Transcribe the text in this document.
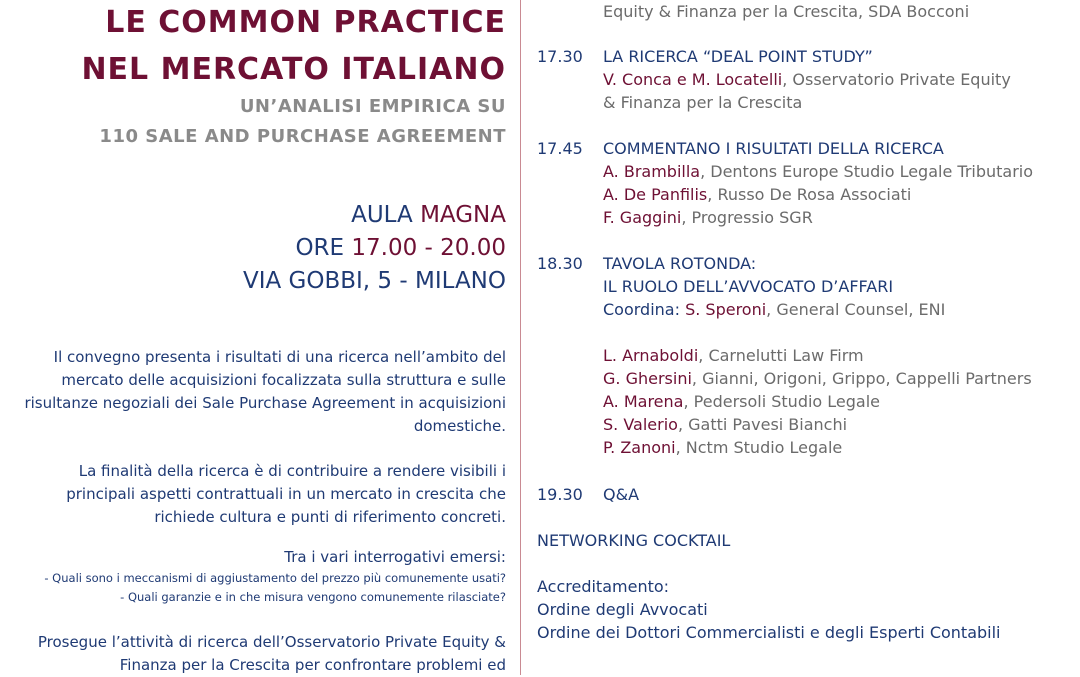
LE COMMON PRACTICE
NEL MERCATO ITALIANO
UN’ANALISI EMPIRICA SU
110 SALE AND PURCHASE AGREEMENT
AULA MAGNA
ORE 17.00 - 20.00
VIA GOBBI, 5 - MILANO

Il convegno presenta i risultati di una ricerca nell’ambito del

mercato delle acquisizioni focalizzata sulla struttura e sulle

risultanze negoziali dei Sale Purchase Agreement in acquisizioni

domestiche.

La finalità della ricerca è di contribuire a rendere visibili i

principali aspetti contrattuali in un mercato in crescita che

richiede cultura e punti di riferimento concreti.

Tra i vari interrogativi emersi:

- Quali sono i meccanismi di aggiustamento del prezzo più comunemente usati?

- Quali garanzie e in che misura vengono comunemente rilasciate?

Prosegue l’attività di ricerca dell’Osservatorio Private Equity &

Finanza per la Crescita per confrontare problemi ed

Equity & Finanza per la Crescita, SDA Bocconi
17.30 LA RICERCA “DEAL POINT STUDY”
V. Conca e M. Locatelli, Osservatorio Private Equity
& Finanza per la Crescita
17.45 COMMENTANO I RISULTATI DELLA RICERCA
A. Brambilla, Dentons Europe Studio Legale Tributario
A. De Panfilis, Russo De Rosa Associati
F. Gaggini, Progressio SGR
18.30 TAVOLA ROTONDA:
IL RUOLO DELL’AVVOCATO D’AFFARI
Coordina: S. Speroni, General Counsel, ENI
L. Arnaboldi, Carnelutti Law Firm
G. Ghersini, Gianni, Origoni, Grippo, Cappelli Partners
A. Marena, Pedersoli Studio Legale
S. Valerio, Gatti Pavesi Bianchi
P. Zanoni, Nctm Studio Legale
19.30 Q&A
NETWORKING COCKTAIL
Accreditamento:
Ordine degli Avvocati
Ordine dei Dottori Commercialisti e degli Esperti Contabili
